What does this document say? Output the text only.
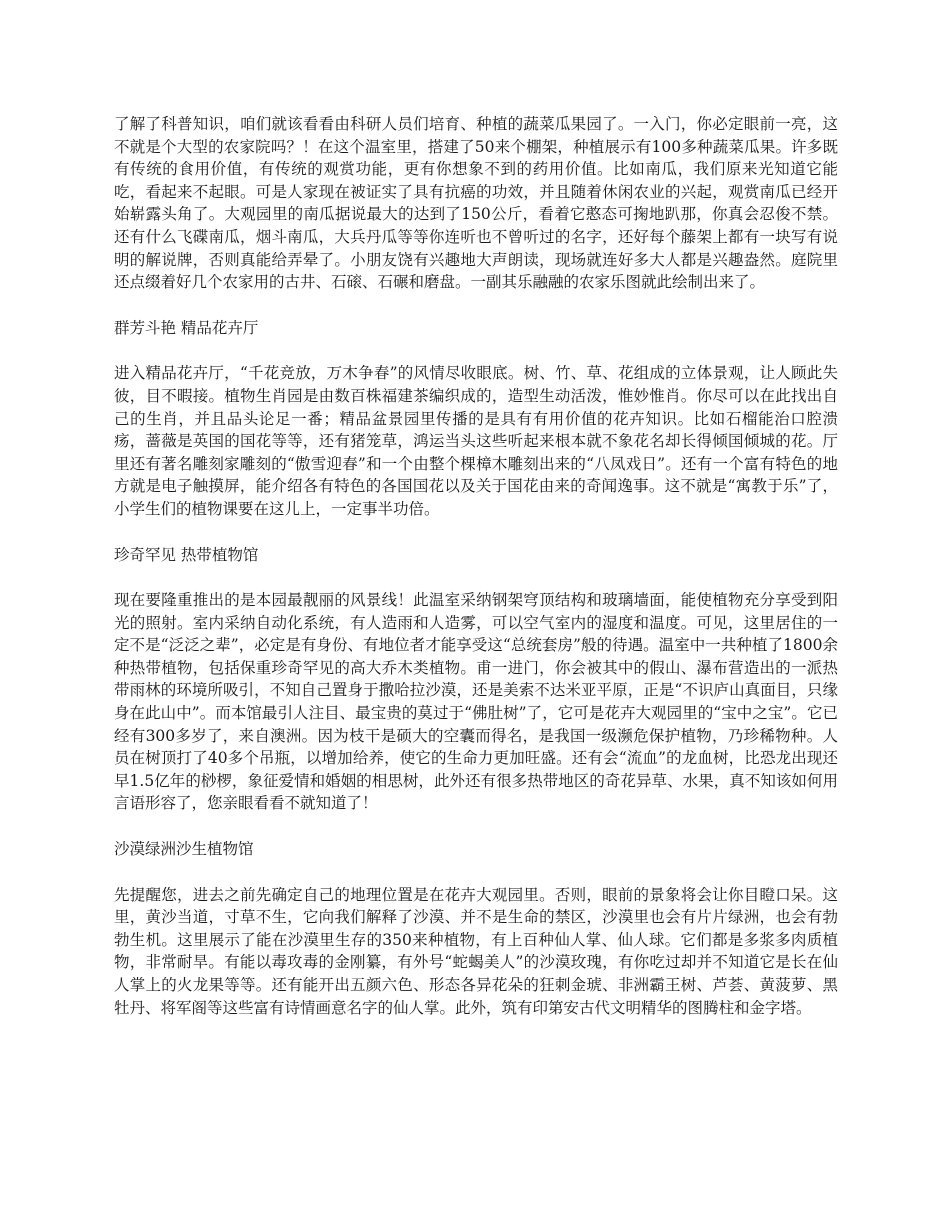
了解了科普知识，咱们就该看看由科研人员们培育、种植的蔬菜瓜果园了。一入门，你必定眼前一亮，这不就是个大型的农家院吗？！在这个温室里，搭建了50来个棚架，种植展示有100多种蔬菜瓜果。许多既有传统的食用价值，有传统的观赏功能，更有你想象不到的药用价值。比如南瓜，我们原来光知道它能吃，看起来不起眼。可是人家现在被证实了具有抗癌的功效，并且随着休闲农业的兴起，观赏南瓜已经开始崭露头角了。大观园里的南瓜据说最大的达到了150公斤，看着它憨态可掬地趴那，你真会忍俊不禁。还有什么飞碟南瓜，烟斗南瓜，大兵丹瓜等等你连听也不曾听过的名字，还好每个藤架上都有一块写有说明的解说牌，否则真能给弄晕了。小朋友饶有兴趣地大声朗读，现场就连好多大人都是兴趣盎然。庭院里还点缀着好几个农家用的古井、石磙、石碾和磨盘。一副其乐融融的农家乐图就此绘制出来了。

群芳斗艳 精品花卉厅

进入精品花卉厅，“千花竞放，万木争春”的风情尽收眼底。树、竹、草、花组成的立体景观，让人顾此失彼，目不暇接。植物生肖园是由数百株福建茶编织成的，造型生动活泼，惟妙惟肖。你尽可以在此找出自己的生肖，并且品头论足一番；精品盆景园里传播的是具有有用价值的花卉知识。比如石榴能治口腔溃疡，蔷薇是英国的国花等等，还有猪笼草，鸿运当头这些听起来根本就不象花名却长得倾国倾城的花。厅里还有著名雕刻家雕刻的“傲雪迎春”和一个由整个棵樟木雕刻出来的“八凤戏日”。还有一个富有特色的地方就是电子触摸屏，能介绍各有特色的各国国花以及关于国花由来的奇闻逸事。这不就是“寓教于乐”了，小学生们的植物课要在这儿上，一定事半功倍。

珍奇罕见 热带植物馆

现在要隆重推出的是本园最靓丽的风景线！此温室采纳钢架穹顶结构和玻璃墙面，能使植物充分享受到阳光的照射。室内采纳自动化系统，有人造雨和人造雾，可以空气室内的湿度和温度。可见，这里居住的一定不是“泛泛之辈”，必定是有身份、有地位者才能享受这“总统套房”般的待遇。温室中一共种植了1800余种热带植物，包括保重珍奇罕见的高大乔木类植物。甫一进门，你会被其中的假山、瀑布营造出的一派热带雨林的环境所吸引，不知自己置身于撒哈拉沙漠，还是美索不达米亚平原，正是“不识庐山真面目，只缘身在此山中”。而本馆最引人注目、最宝贵的莫过于“佛肚树”了，它可是花卉大观园里的“宝中之宝”。它已经有300多岁了，来自澳洲。因为枝干是硕大的空囊而得名，是我国一级濒危保护植物，乃珍稀物种。人员在树顶打了40多个吊瓶，以增加给养，使它的生命力更加旺盛。还有会“流血”的龙血树，比恐龙出现还早1.5亿年的桫椤，象征爱情和婚姻的相思树，此外还有很多热带地区的奇花异草、水果，真不知该如何用言语形容了，您亲眼看看不就知道了！

沙漠绿洲沙生植物馆

先提醒您，进去之前先确定自己的地理位置是在花卉大观园里。否则，眼前的景象将会让你目瞪口呆。这里，黄沙当道，寸草不生，它向我们解释了沙漠、并不是生命的禁区，沙漠里也会有片片绿洲，也会有勃勃生机。这里展示了能在沙漠里生存的350来种植物，有上百种仙人掌、仙人球。它们都是多浆多肉质植物，非常耐旱。有能以毒攻毒的金刚纂，有外号“蛇蝎美人”的沙漠玫瑰，有你吃过却并不知道它是长在仙人掌上的火龙果等等。还有能开出五颜六色、形态各异花朵的狂刺金琥、非洲霸王树、芦荟、黄菠萝、黑牡丹、将军阁等这些富有诗情画意名字的仙人掌。此外，筑有印第安古代文明精华的图腾柱和金字塔。
